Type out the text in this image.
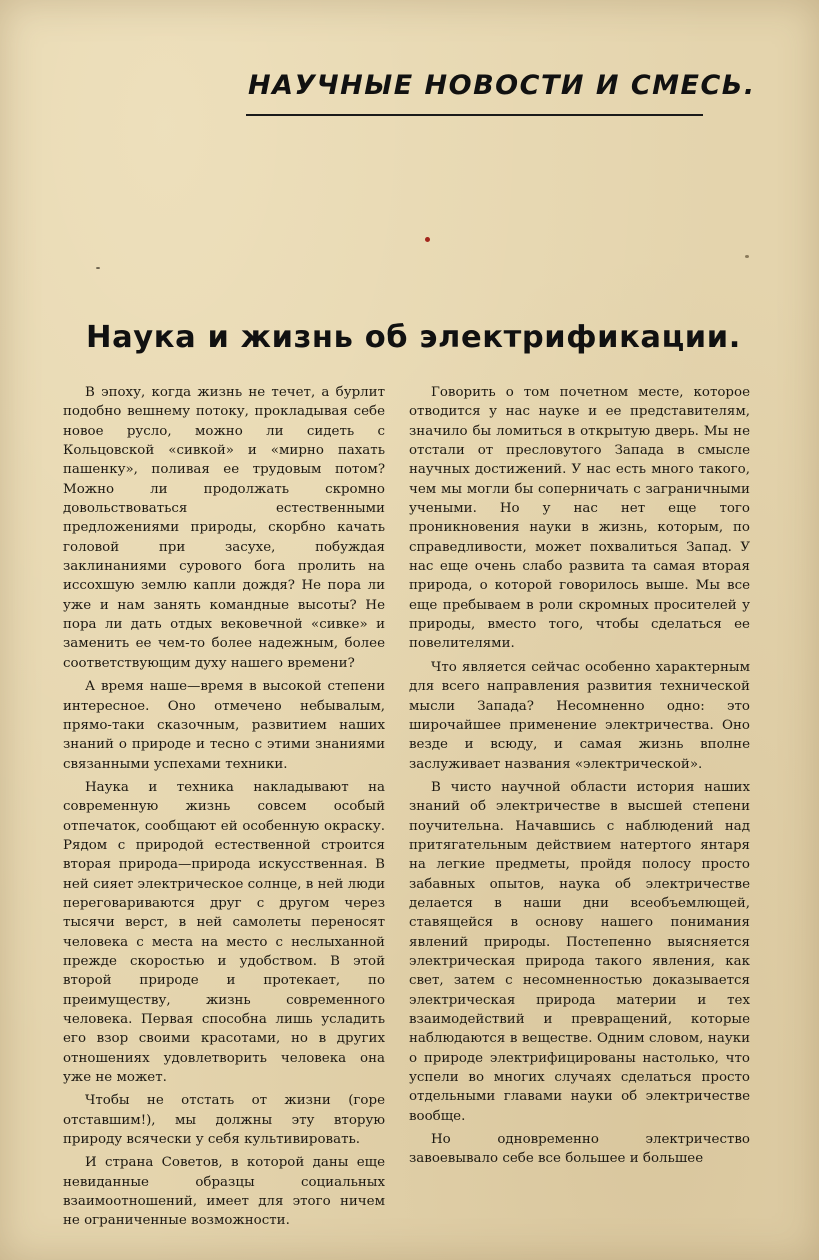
НАУЧНЫЕ НОВОСТИ И СМЕСЬ.
Наука и жизнь об электрификации.

В эпоху, когда жизнь не течет, а бурлит подобно вешнему потоку, прокладывая себе новое русло, можно ли сидеть с Кольцовской «сивкой» и «мирно пахать пашенку», поливая ее трудовым потом? Можно ли продолжать скромно довольствоваться естественными предложениями природы, скорбно качать головой при засухе, побуждая заклинаниями сурового бога пролить на иссохшую землю капли дождя? Не пора ли уже и нам занять командные высоты? Не пора ли дать отдых вековечной «сивке» и заменить ее чем-то более надежным, более соответствующим духу нашего времени?

А время наше—время в высокой степени интересное. Оно отмечено небывалым, прямо-таки сказочным, развитием наших знаний о природе и тесно с этими знаниями связанными успехами техники.

Наука и техника накладывают на современную жизнь совсем особый отпечаток, сообщают ей особенную окраску. Рядом с природой естественной строится вторая природа—природа искусственная. В ней сияет электрическое солнце, в ней люди переговариваются друг с другом через тысячи верст, в ней самолеты переносят человека с места на место с неслыханной прежде скоростью и удобством. В этой второй природе и протекает, по преимуществу, жизнь современного человека. Первая способна лишь усладить его взор своими красотами, но в других отношениях удовлетворить человека она уже не может.

Чтобы не отстать от жизни (горе отставшим!), мы должны эту вторую природу всячески у себя культивировать.

И страна Советов, в которой даны еще невиданные образцы социальных взаимоотношений, имеет для этого ничем не ограниченные возможности.

Говорить о том почетном месте, которое отводится у нас науке и ее представителям, значило бы ломиться в открытую дверь. Мы не отстали от пресловутого Запада в смысле научных достижений. У нас есть много такого, чем мы могли бы соперничать с заграничными учеными. Но у нас нет еще того проникновения науки в жизнь, которым, по справедливости, может похвалиться Запад. У нас еще очень слабо развита та самая вторая природа, о которой говорилось выше. Мы все еще пребываем в роли скромных просителей у природы, вместо того, чтобы сделаться ее повелителями.

Что является сейчас особенно характерным для всего направления развития технической мысли Запада? Несомненно одно: это широчайшее применение электричества. Оно везде и всюду, и самая жизнь вполне заслуживает названия «электрической».

В чисто научной области история наших знаний об электричестве в высшей степени поучительна. Начавшись с наблюдений над притягательным действием натертого янтаря на легкие предметы, пройдя полосу просто забавных опытов, наука об электричестве делается в наши дни всеобъемлющей, ставящейся в основу нашего понимания явлений природы. Постепенно выясняется электрическая природа такого явления, как свет, затем с несомненностью доказывается электрическая природа материи и тех взаимодействий и превращений, которые наблюдаются в веществе. Одним словом, науки о природе электрифицированы настолько, что успели во многих случаях сделаться просто отдельными главами науки об электричестве вообще.

Но одновременно электричество завоевывало себе все большее и большее
